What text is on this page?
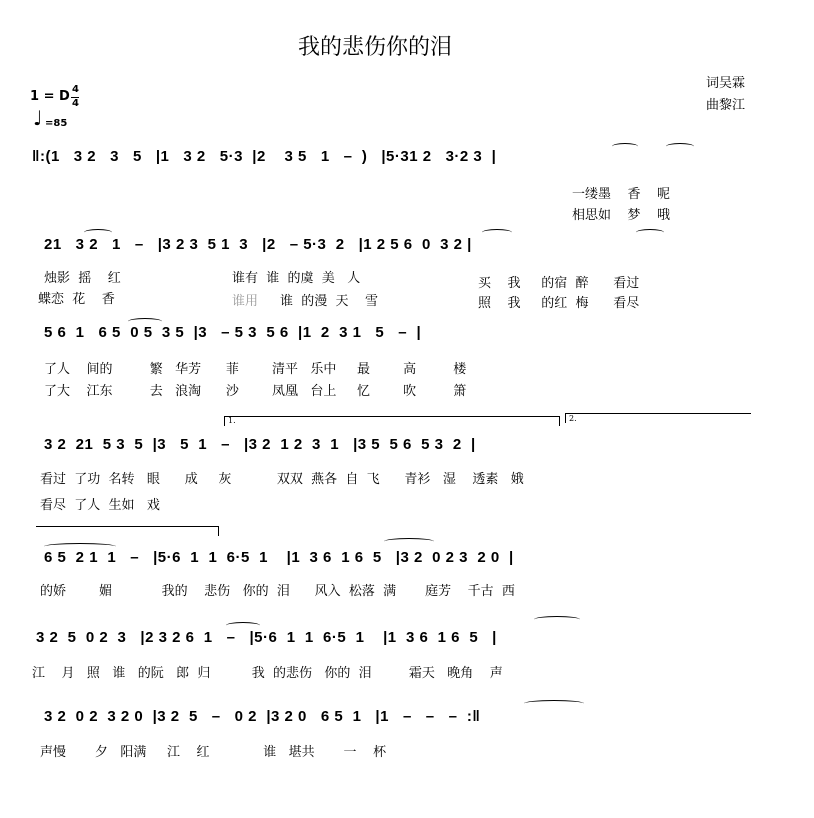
我的悲伤你的泪
1 = D 4
4
♩ =85
词吴霖
曲黎江
‖:(1   3 2   3   5   |1   3 2   5·3  |2    3 5   1   –  )   |5·31 2   3·2 3  |
一缕墨    香    呢
相思如    梦    哦
21   3 2   1   –   |3 2 3  5 1  3   |2   – 5·3  2   |1 2 5 6  0  3 2 |
烛影  摇    红	谁有  谁  的虞  美   人	买    我     的宿  醉      看过
蝶恋  花    香	谁用 谁  的漫  天    雪	照    我     的红  梅      看尽
5 6  1   6 5  0 5  3 5  |3   – 5 3  5 6  |1  2  3 1   5   –  |
了人    间的         繁   华芳      菲        清平   乐中     最        高         楼
了大    江东         去   浪淘      沙        凤凰   台上     忆        吹         箫
1.	2.
3 2  21  5 3  5  |3   5  1   –   |3 2  1 2  3  1   |3 5  5 6  5 3  2  |
看过  了功  名转   眼      成     灰           双双  燕各  自  飞      青衫   湿    透素   娥
看尽  了人  生如   戏
6 5  2 1  1   –   |5·6  1  1  6·5  1    |1  3 6  1 6  5   |3 2  0 2 3  2 0  |
的娇        媚            我的    悲伤   你的  泪      风入  松落  满       庭芳    千古  西
3 2  5  0 2  3   |2 3 2 6  1   –   |5·6  1  1  6·5  1    |1  3 6  1 6  5   |
江    月   照   谁   的阮   郎  归          我  的悲伤   你的  泪         霜天   晚角    声
3 2  0 2  3 2 0  |3 2  5   –   0 2  |3 2 0   6 5  1   |1   –   –   –  :‖
声慢       夕   阳满     江    红             谁   堪共       一    杯
